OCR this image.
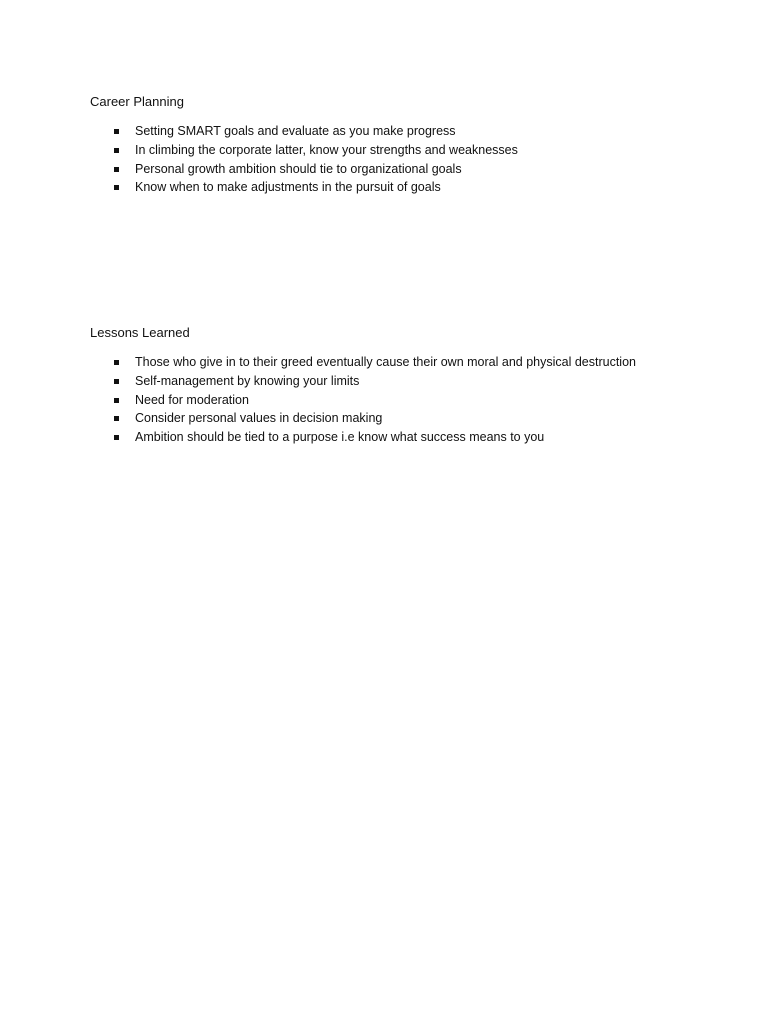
Career Planning
Setting SMART goals and evaluate as you make progress
In climbing the corporate latter, know your strengths and weaknesses
Personal growth ambition should tie to organizational goals
Know when to make adjustments in the pursuit of goals
Lessons Learned
Those who give in to their greed eventually cause their own moral and physical destruction
Self-management by knowing your limits
Need for moderation
Consider personal values in decision making
Ambition should be tied to a purpose i.e know what success means to you
